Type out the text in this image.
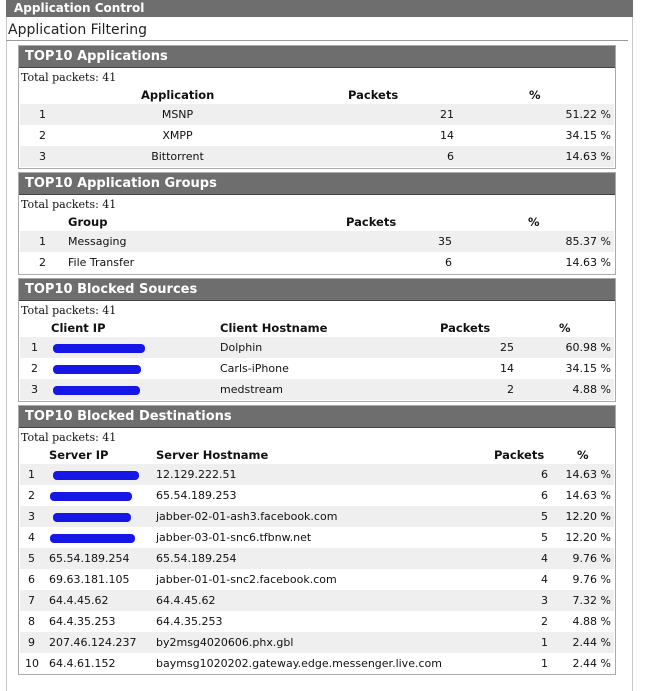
Application Control
Application Filtering
TOP10 Applications
Total packets: 41
Application	Packets	%
1	MSNP	21	51.22 %
2	XMPP	14	34.15 %
3	Bittorrent	6	14.63 %
TOP10 Application Groups
Total packets: 41
Group	Packets	%
1 Messaging	35	85.37 %
2 File Transfer	6	14.63 %
TOP10 Blocked Sources
Total packets: 41
Client IP	Client Hostname	Packets	%
1	Dolphin	25	60.98 %
2	Carls-iPhone	14	34.15 %
3	medstream	2	4.88 %
TOP10 Blocked Destinations
Total packets: 41
Server IP	Server Hostname	Packets	%
1	12.129.222.51	6	14.63 %
2	65.54.189.253	6	14.63 %
3	jabber-02-01-ash3.facebook.com	5	12.20 %
4	jabber-03-01-snc6.tfbnw.net	5	12.20 %
5 65.54.189.254 65.54.189.254	4	9.76 %
6 69.63.181.105 jabber-01-01-snc2.facebook.com	4	9.76 %
7 64.4.45.62	64.4.45.62	3	7.32 %
8 64.4.35.253	64.4.35.253	2	4.88 %
9 207.46.124.237 by2msg4020606.phx.gbl	1	2.44 %
10 64.4.61.152	baymsg1020202.gateway.edge.messenger.live.com	1	2.44 %
